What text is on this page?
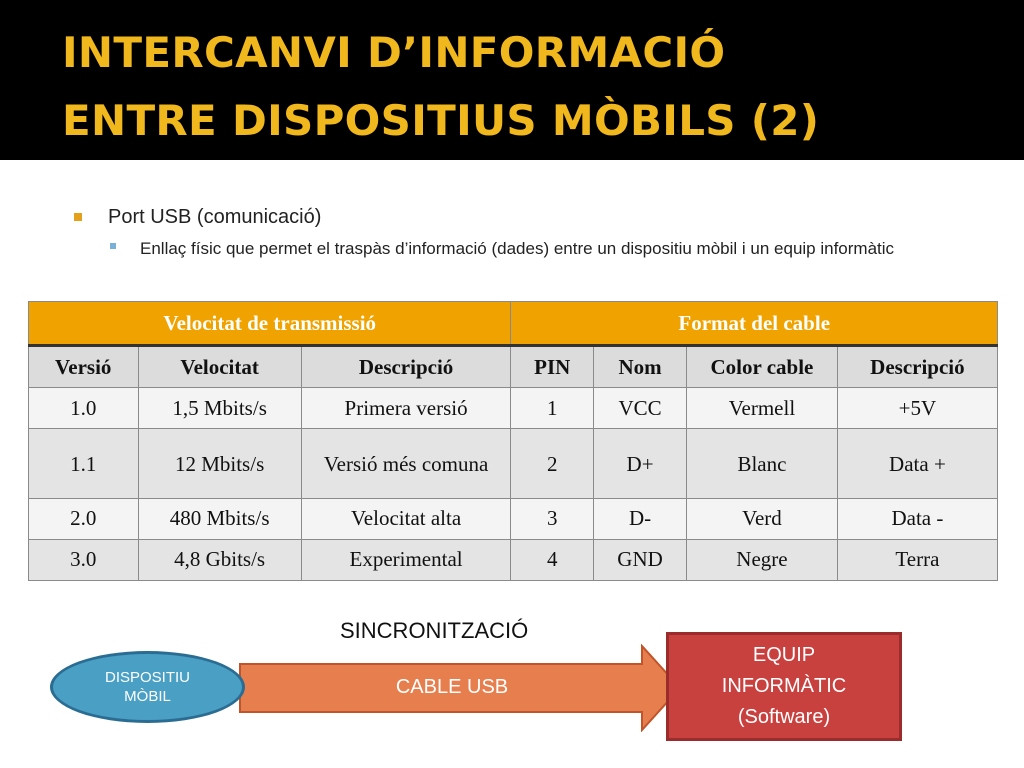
INTERCANVI D’INFORMACIÓ
ENTRE DISPOSITIUS MÒBILS (2)
Port USB (comunicació)
Enllaç físic que permet el traspàs d’informació (dades) entre un dispositiu mòbil i un equip informàtic
Velocitat de transmissió			Format del cable			
Versió	Velocitat	Descripció	PIN	Nom	Color cable	Descripció
1.0	1,5 Mbits/s	Primera versió	1	VCC	Vermell	+5V
1.1	12 Mbits/s	Versió més comuna	2	D+	Blanc	Data +
2.0	480 Mbits/s	Velocitat alta	3	D-	Verd	Data -
3.0	4,8 Gbits/s	Experimental	4	GND	Negre	Terra
SINCRONITZACIÓ
CABLE USB
DISPOSITIU
MÒBIL
EQUIP
INFORMÀTIC
(Software)
